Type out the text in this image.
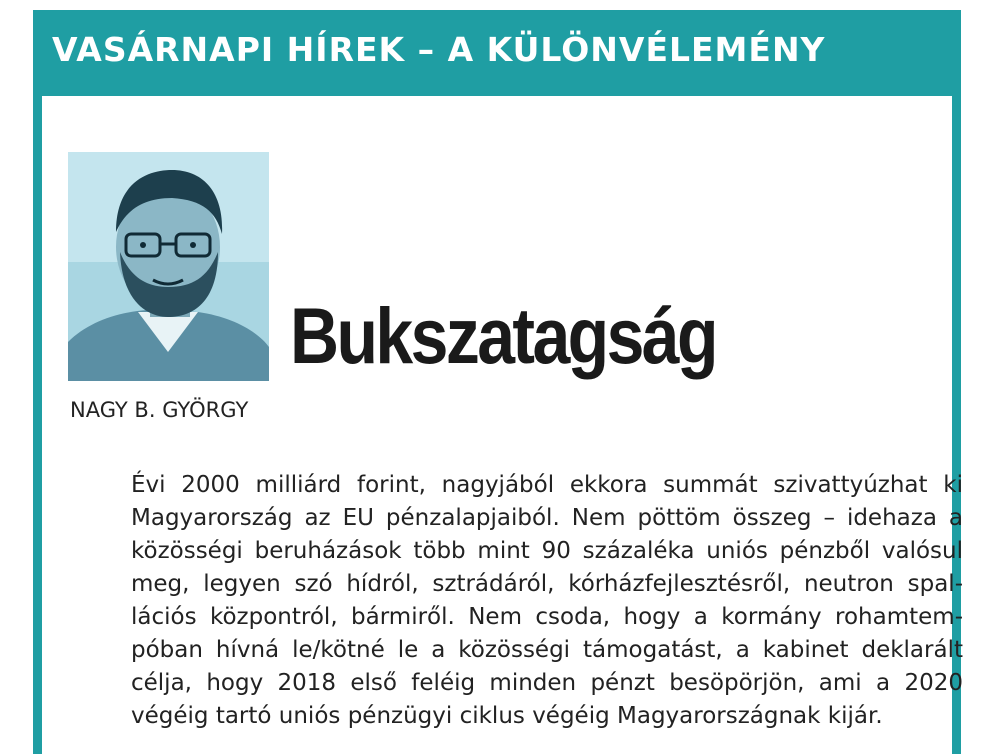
VASÁRNAPI HÍREK – A KÜLÖNVÉLEMÉNY
NAGY B. GYÖRGY
Bukszatagság
Évi 2000 milliárd forint, nagyjából ekkora summát szivattyúzhat ki
Magyarország az EU pénzalapjaiból. Nem pöttöm összeg – idehaza a
közösségi beruházások több mint 90 százaléka uniós pénzből valósul
meg, legyen szó hídról, sztrádáról, kórházfejlesztésről, neutron spal-
lációs központról, bármiről. Nem csoda, hogy a kormány rohamtem-
póban hívná le/kötné le a közösségi támogatást, a kabinet deklarált
célja, hogy 2018 első feléig minden pénzt besöpörjön, ami a 2020
végéig tartó uniós pénzügyi ciklus végéig Magyarországnak kijár.
